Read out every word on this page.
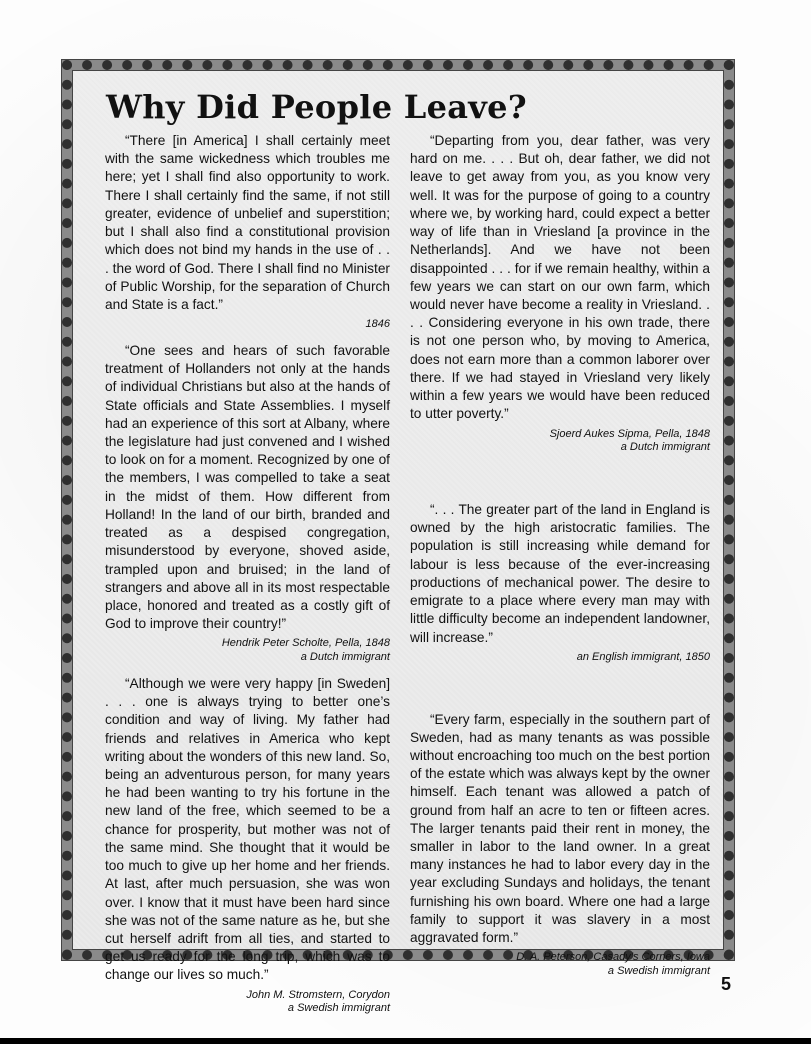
Why Did People Leave?

“There [in America] I shall certainly meet with the same wickedness which troubles me here; yet I shall find also opportunity to work. There I shall certainly find the same, if not still greater, evidence of unbelief and superstition; but I shall also find a constitutional provision which does not bind my hands in the use of . . . the word of God. There I shall find no Minister of Public Worship, for the separation of Church and State is a fact.”

1846

“One sees and hears of such favorable treatment of Hollanders not only at the hands of individual Christians but also at the hands of State officials and State Assemblies. I myself had an experience of this sort at Albany, where the legislature had just convened and I wished to look on for a moment. Recognized by one of the members, I was compelled to take a seat in the midst of them. How different from Holland! In the land of our birth, branded and treated as a despised congregation, misunderstood by everyone, shoved aside, trampled upon and bruised; in the land of strangers and above all in its most respectable place, honored and treated as a costly gift of God to improve their country!”

Hendrik Peter Scholte, Pella, 1848
a Dutch immigrant

“Although we were very happy [in Sweden] . . . one is always trying to better one’s condition and way of living. My father had friends and relatives in America who kept writing about the wonders of this new land. So, being an adventurous person, for many years he had been wanting to try his fortune in the new land of the free, which seemed to be a chance for prosperity, but mother was not of the same mind. She thought that it would be too much to give up her home and her friends. At last, after much persuasion, she was won over. I know that it must have been hard since she was not of the same nature as he, but she cut herself adrift from all ties, and started to get us ready for the long trip, which was to change our lives so much.”

John M. Stromstern, Corydon
a Swedish immigrant

“Departing from you, dear father, was very hard on me. . . . But oh, dear father, we did not leave to get away from you, as you know very well. It was for the purpose of going to a country where we, by working hard, could expect a better way of life than in Vriesland [a province in the Netherlands]. And we have not been disappointed . . . for if we remain healthy, within a few years we can start on our own farm, which would never have become a reality in Vriesland. . . . Considering everyone in his own trade, there is not one person who, by moving to America, does not earn more than a common laborer over there. If we had stayed in Vriesland very likely within a few years we would have been reduced to utter poverty.”

Sjoerd Aukes Sipma, Pella, 1848
a Dutch immigrant

“. . . The greater part of the land in England is owned by the high aristocratic families. The population is still increasing while demand for labour is less because of the ever-increasing productions of mechanical power. The desire to emigrate to a place where every man may with little difficulty become an independent landowner, will increase.”

an English immigrant, 1850

“Every farm, especially in the southern part of Sweden, had as many tenants as was possible without encroaching too much on the best portion of the estate which was always kept by the owner himself. Each tenant was allowed a patch of ground from half an acre to ten or fifteen acres. The larger tenants paid their rent in money, the smaller in labor to the land owner. In a great many instances he had to labor every day in the year excluding Sundays and holidays, the tenant furnishing his own board. Where one had a large family to support it was slavery in a most aggravated form.”

D. A. Peterson, Casady’s Corners, Iowa
a Swedish immigrant
5
